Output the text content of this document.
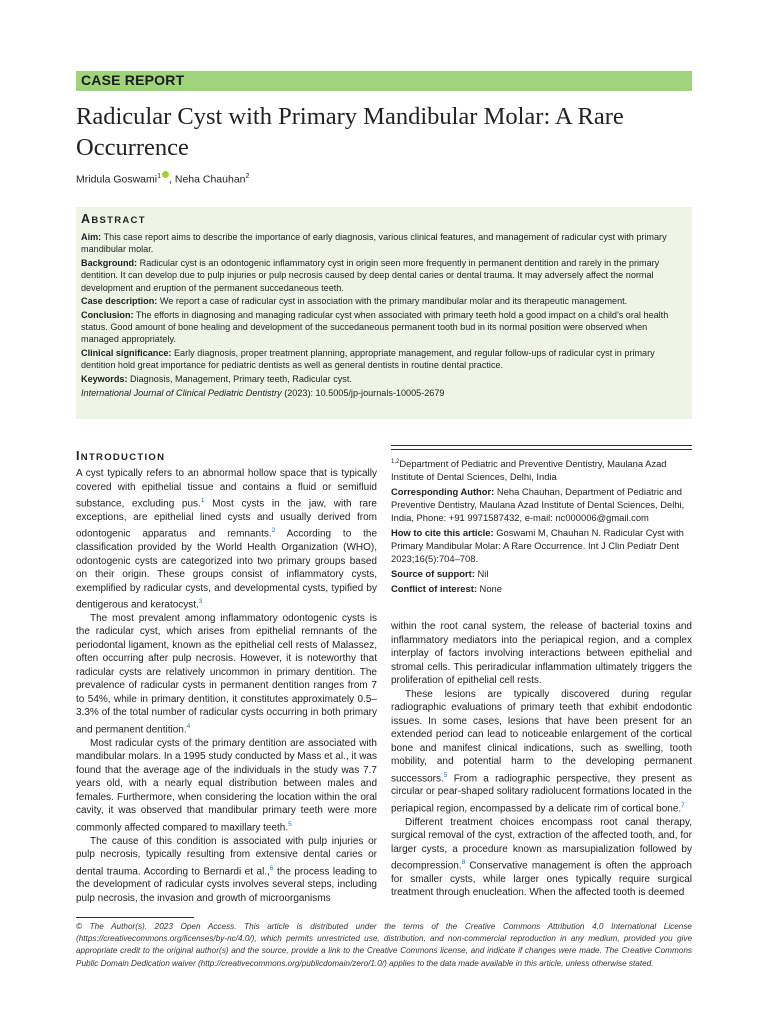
CASE REPORT
Radicular Cyst with Primary Mandibular Molar: A Rare Occurrence
Mridula Goswami$^1$ , Neha Chauhan$^2$
ABSTRACT

Aim: This case report aims to describe the importance of early diagnosis, various clinical features, and management of radicular cyst with primary mandibular molar.

Background: Radicular cyst is an odontogenic inflammatory cyst in origin seen more frequently in permanent dentition and rarely in the primary dentition. It can develop due to pulp injuries or pulp necrosis caused by deep dental caries or dental trauma. It may adversely affect the normal development and eruption of the permanent succedaneous teeth.

Case description: We report a case of radicular cyst in association with the primary mandibular molar and its therapeutic management.

Conclusion: The efforts in diagnosing and managing radicular cyst when associated with primary teeth hold a good impact on a child's oral health status. Good amount of bone healing and development of the succedaneous permanent tooth bud in its normal position were observed when managed appropriately.

Clinical significance: Early diagnosis, proper treatment planning, appropriate management, and regular follow-ups of radicular cyst in primary dentition hold great importance for pediatric dentists as well as general dentists in routine dental practice.

Keywords: Diagnosis, Management, Primary teeth, Radicular cyst.

International Journal of Clinical Pediatric Dentistry (2023): 10.5005/jp-journals-10005-2679

INTRODUCTION

A cyst typically refers to an abnormal hollow space that is typically covered with epithelial tissue and contains a fluid or semifluid substance, excluding pus.$^1$ Most cysts in the jaw, with rare exceptions, are epithelial lined cysts and usually derived from odontogenic apparatus and remnants.$^2$ According to the classification provided by the World Health Organization (WHO), odontogenic cysts are categorized into two primary groups based on their origin. These groups consist of inflammatory cysts, exemplified by radicular cysts, and developmental cysts, typified by dentigerous and keratocyst.$^3$

The most prevalent among inflammatory odontogenic cysts is the radicular cyst, which arises from epithelial remnants of the periodontal ligament, known as the epithelial cell rests of Malassez, often occurring after pulp necrosis. However, it is noteworthy that radicular cysts are relatively uncommon in primary dentition. The prevalence of radicular cysts in permanent dentition ranges from 7 to 54%, while in primary dentition, it constitutes approximately 0.5–3.3% of the total number of radicular cysts occurring in both primary and permanent dentition.$^4$

Most radicular cysts of the primary dentition are associated with mandibular molars. In a 1995 study conducted by Mass et al., it was found that the average age of the individuals in the study was 7.7 years old, with a nearly equal distribution between males and females. Furthermore, when considering the location within the oral cavity, it was observed that mandibular primary teeth were more commonly affected compared to maxillary teeth.$^5$

The cause of this condition is associated with pulp injuries or pulp necrosis, typically resulting from extensive dental caries or dental trauma. According to Bernardi et al.,$^6$ the process leading to the development of radicular cysts involves several steps, including pulp necrosis, the invasion and growth of microorganisms

$^{1,2}$Department of Pediatric and Preventive Dentistry, Maulana Azad Institute of Dental Sciences, Delhi, India

Corresponding Author: Neha Chauhan, Department of Pediatric and Preventive Dentistry, Maulana Azad Institute of Dental Sciences, Delhi, India, Phone: +91 9971587432, e-mail: nc000006@gmail.com

How to cite this article: Goswami M, Chauhan N. Radicular Cyst with Primary Mandibular Molar: A Rare Occurrence. Int J Clin Pediatr Dent 2023;16(5):704–708.

Source of support: Nil

Conflict of interest: None

within the root canal system, the release of bacterial toxins and inflammatory mediators into the periapical region, and a complex interplay of factors involving interactions between epithelial and stromal cells. This periradicular inflammation ultimately triggers the proliferation of epithelial cell rests.

These lesions are typically discovered during regular radiographic evaluations of primary teeth that exhibit endodontic issues. In some cases, lesions that have been present for an extended period can lead to noticeable enlargement of the cortical bone and manifest clinical indications, such as swelling, tooth mobility, and potential harm to the developing permanent successors.$^5$ From a radiographic perspective, they present as circular or pear-shaped solitary radiolucent formations located in the periapical region, encompassed by a delicate rim of cortical bone.$^7$

Different treatment choices encompass root canal therapy, surgical removal of the cyst, extraction of the affected tooth, and, for larger cysts, a procedure known as marsupialization followed by decompression.$^8$ Conservative management is often the approach for smaller cysts, while larger ones typically require surgical treatment through enucleation. When the affected tooth is deemed

© The Author(s). 2023 Open Access. This article is distributed under the terms of the Creative Commons Attribution 4.0 International License (https://creativecommons.org/licenses/by-nc/4.0/), which permits unrestricted use, distribution, and non-commercial reproduction in any medium, provided you give appropriate credit to the original author(s) and the source, provide a link to the Creative Commons license, and indicate if changes were made. The Creative Commons Public Domain Dedication waiver (http://creativecommons.org/publicdomain/zero/1.0/) applies to the data made available in this article, unless otherwise stated.
